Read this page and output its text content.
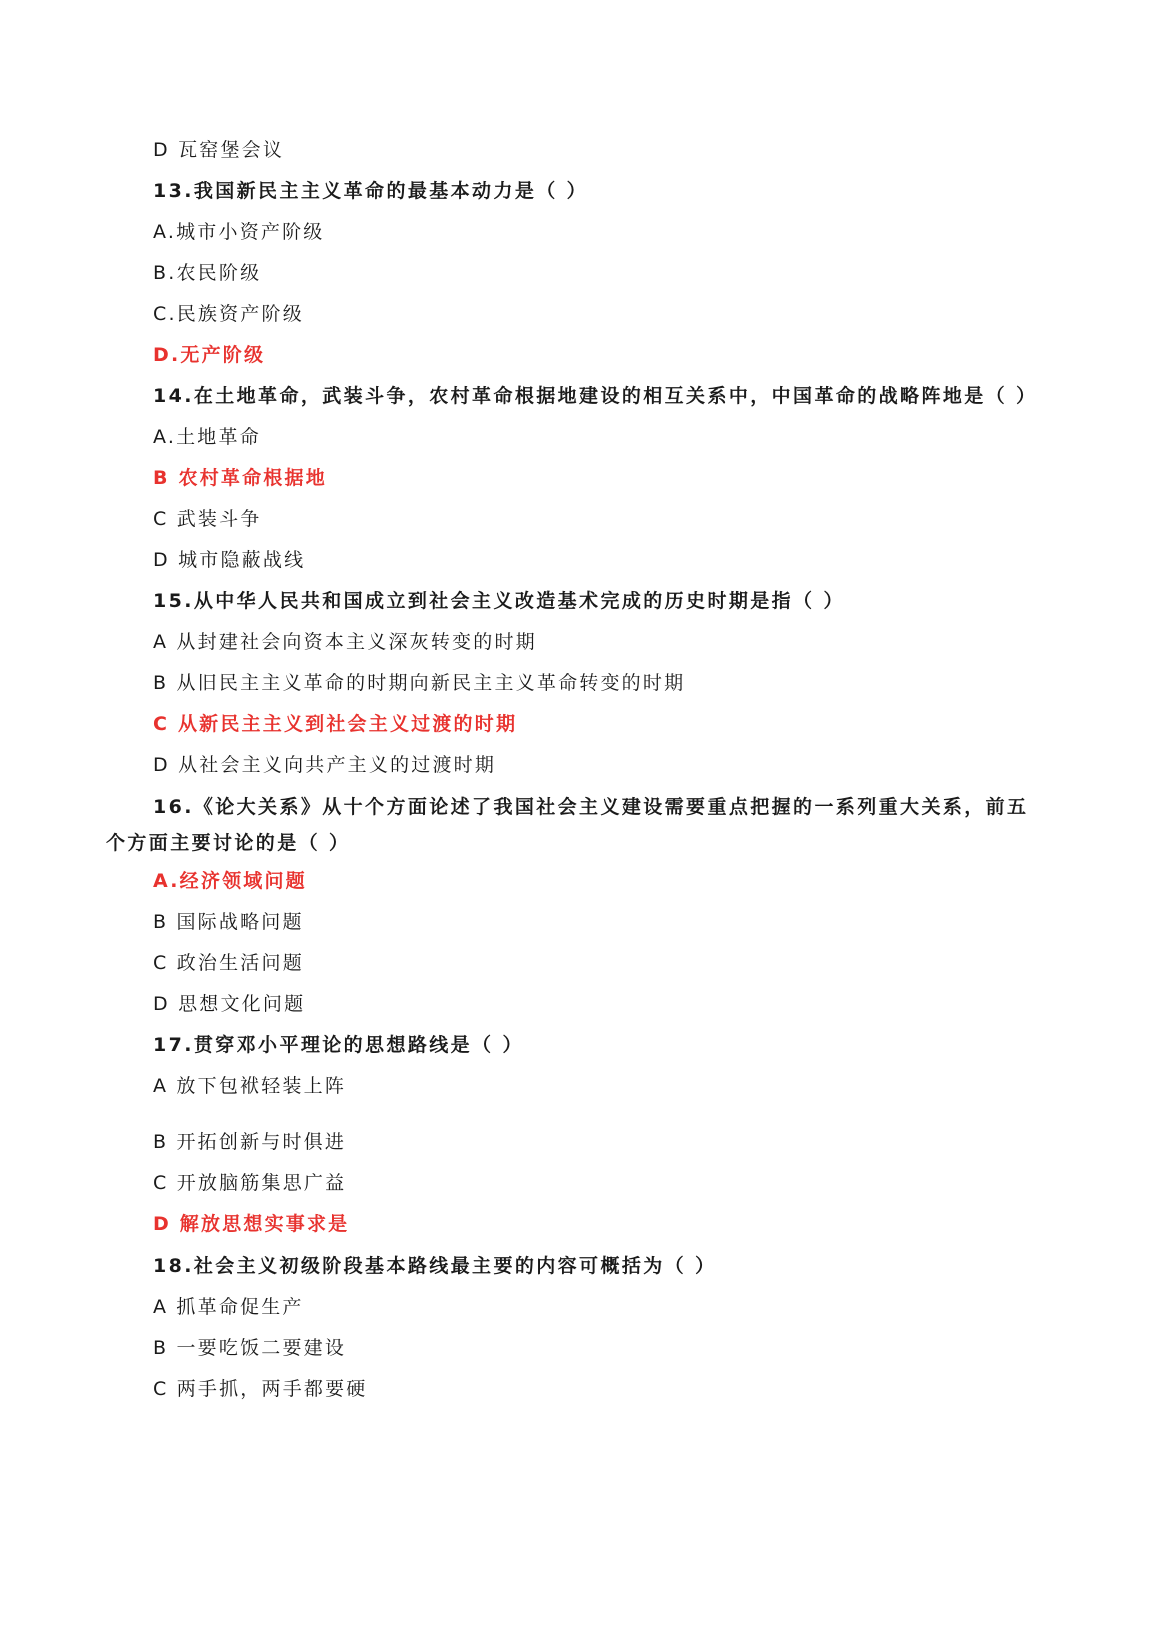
D 瓦窑堡会议
13.我国新民主主义革命的最基本动力是（ ）
A.城市小资产阶级
B.农民阶级
C.民族资产阶级
D.无产阶级
14.在土地革命，武装斗争，农村革命根据地建设的相互关系中，中国革命的战略阵地是（ ）
A.土地革命
B 农村革命根据地
C 武装斗争
D 城市隐蔽战线
15.从中华人民共和国成立到社会主义改造基术完成的历史时期是指（ ）
A 从封建社会向资本主义深灰转变的时期
B 从旧民主主义革命的时期向新民主主义革命转变的时期
C 从新民主主义到社会主义过渡的时期
D 从社会主义向共产主义的过渡时期
16.《论大关系》从十个方面论述了我国社会主义建设需要重点把握的一系列重大关系，前五
个方面主要讨论的是（ ）
A.经济领域问题
B 国际战略问题
C 政治生活问题
D 思想文化问题
17.贯穿邓小平理论的思想路线是（ ）
A 放下包袱轻装上阵
B 开拓创新与时俱进
C 开放脑筋集思广益
D 解放思想实事求是
18.社会主义初级阶段基本路线最主要的内容可概括为（ ）
A 抓革命促生产
B 一要吃饭二要建设
C 两手抓，两手都要硬
